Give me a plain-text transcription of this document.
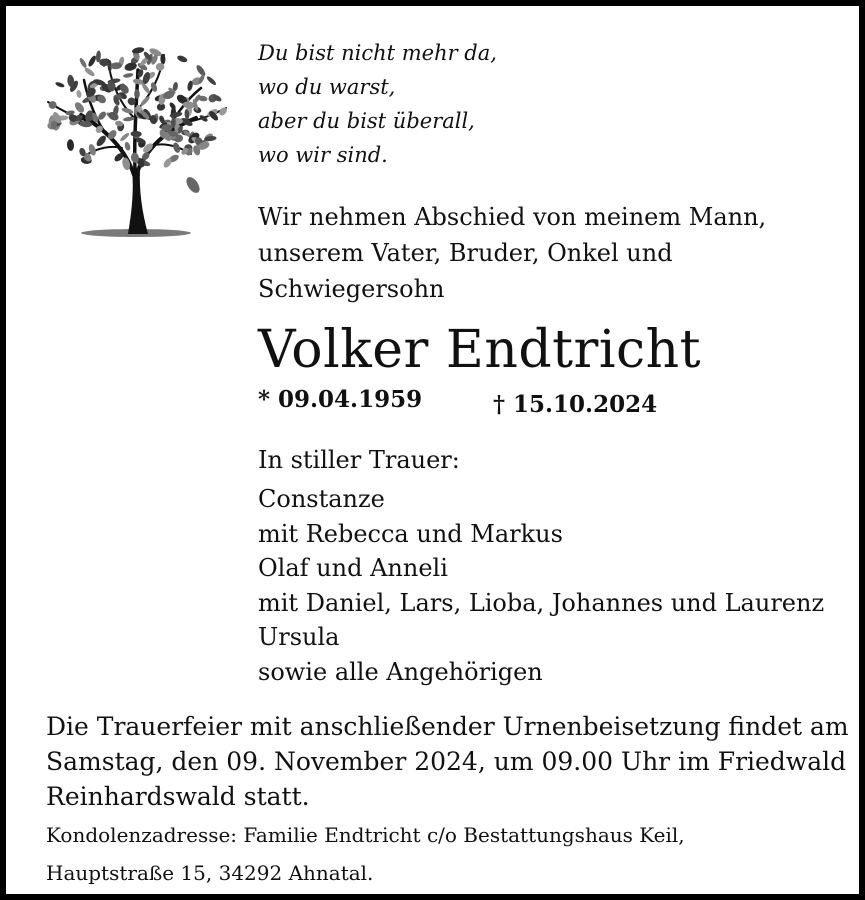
Du bist nicht mehr da,
wo du warst,
aber du bist überall,
wo wir sind.
Wir nehmen Abschied von meinem Mann,
unserem Vater, Bruder, Onkel und
Schwiegersohn
Volker Endtricht
* 09.04.1959	† 15.10.2024
In stiller Trauer:
Constanze
mit Rebecca und Markus
Olaf und Anneli
mit Daniel, Lars, Lioba, Johannes und Laurenz
Ursula
sowie alle Angehörigen
Die Trauerfeier mit anschließender Urnenbeisetzung findet am
Samstag, den 09. November 2024, um 09.00 Uhr im Friedwald
Reinhardswald statt.
Kondolenzadresse: Familie Endtricht c/o Bestattungshaus Keil,
Hauptstraße 15, 34292 Ahnatal.
